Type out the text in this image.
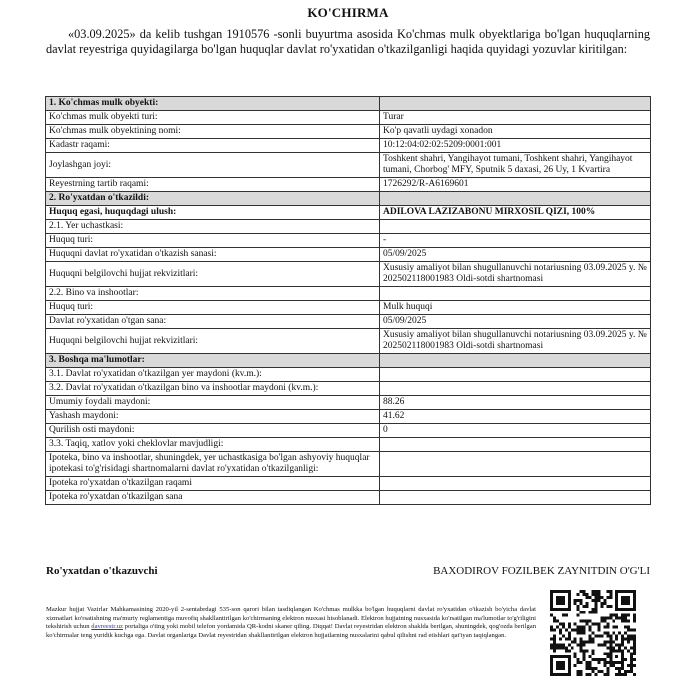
KO'CHIRMA
«03.09.2025» da kelib tushgan 1910576 -sonli buyurtma asosida Ko'chmas mulk obyektlariga bo'lgan huquqlarning davlat reyestriga quyidagilarga bo'lgan huquqlar davlat ro'yxatidan o'tkazilganligi haqida quyidagi yozuvlar kiritilgan:
1. Ko'chmas mulk obyekti:	
Ko'chmas mulk obyekti turi:	Turar
Ko'chmas mulk obyektining nomi:	Ko'p qavatli uydagi xonadon
Kadastr raqami:	10:12:04:02:02:5209:0001:001
Joylashgan joyi:	Toshkent shahri, Yangihayot tumani, Toshkent shahri, Yangihayot tumani, Chorbog' MFY, Sputnik 5 daxasi, 26 Uy, 1 Kvartira
Reyestrning tartib raqami:	1726292/R-A6169601
2. Ro'yxatdan o'tkazildi:	
Huquq egasi, huquqdagi ulush:	ADILOVA LAZIZABONU MIRXOSIL QIZI, 100%
2.1. Yer uchastkasi:	
Huquq turi:	-
Huquqni davlat ro'yxatidan o'tkazish sanasi:	05/09/2025
Huquqni belgilovchi hujjat rekvizitlari:	Xususiy amaliyot bilan shugullanuvchi notariusning 03.09.2025 y. № 202502118001983 Oldi-sotdi shartnomasi
2.2. Bino va inshootlar:	
Huquq turi:	Mulk huquqi
Davlat ro'yxatidan o'tgan sana:	05/09/2025
Huquqni belgilovchi hujjat rekvizitlari:	Xususiy amaliyot bilan shugullanuvchi notariusning 03.09.2025 y. № 202502118001983 Oldi-sotdi shartnomasi
3. Boshqa ma'lumotlar:	
3.1. Davlat ro'yxatidan o'tkazilgan yer maydoni (kv.m.):	
3.2. Davlat ro'yxatidan o'tkazilgan bino va inshootlar maydoni (kv.m.):	
Umumiy foydali maydoni:	88.26
Yashash maydoni:	41.62
Qurilish osti maydoni:	0
3.3. Taqiq, xatlov yoki cheklovlar mavjudligi:	
Ipoteka, bino va inshootlar, shuningdek, yer uchastkasiga bo'lgan ashyoviy huquqlar ipotekasi to'g'risidagi shartnomalarni davlat ro'yxatidan o'tkazilganligi:	
Ipoteka ro'yxatdan o'tkazilgan raqami	
Ipoteka ro'yxatdan o'tkazilgan sana	
Ro'yxatdan o'tkazuvchi	BAXODIROV FOZILBEK ZAYNITDIN O'G'LI
Mazkur hujjat Vazirlar Mahkamasining 2020-yil 2-sentabrdagi 535-son qarori bilan tasdiqlangan Ko'chmas mulkka bo'lgan huquqlarni davlat ro'yxatidan o'tkazish bo'yicha davlat xizmatlari ko'rsatishning ma'muriy reglamentiga muvofiq shakllantirilgan ko'chirmaning elektron nusxasi hisoblanadi. Elektron hujjatning nusxasida ko'rsatilgan ma'lumotlar to'g'riligini tekshirish uchun davreestr.uz portaliga o'ting yoki mobil telefon yordamida QR-kodni skaner qiling. Diqqat! Davlat reyestridan elektron shaklda berilgan, shuningdek, qog'ozda berilgan ko'chirmalar teng yuridik kuchga ega. Davlat organlariga Davlat reyestridan shakllantirilgan elektron hujjatlarning nusxalarini qabul qilishni rad etishlari qat'iyan taqiqlangan.
